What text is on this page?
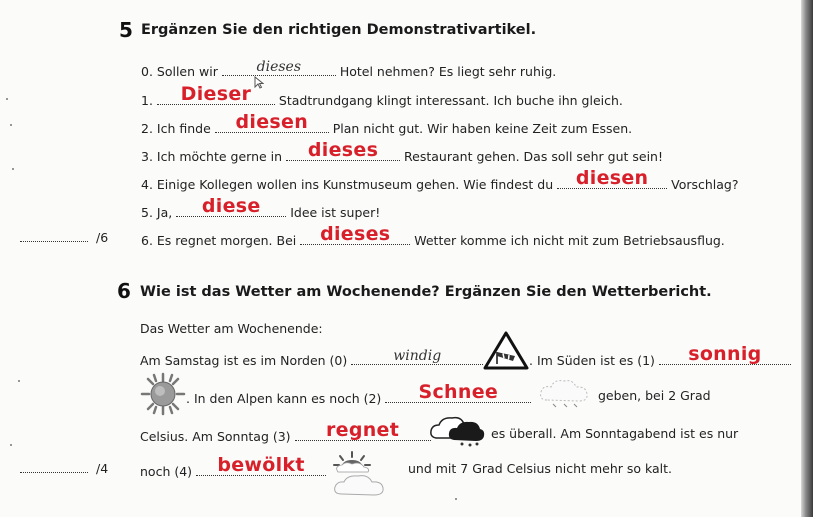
5 Ergänzen Sie den richtigen Demonstrativartikel.
0. Sollen wir	dieses	Hotel nehmen? Es liegt sehr ruhig.
1. Dieser Stadtrundgang klingt interessant. Ich buche ihn gleich.
2. Ich finde diesen Plan nicht gut. Wir haben keine Zeit zum Essen.
3. Ich möchte gerne in dieses Restaurant gehen. Das soll sehr gut sein!
4. Einige Kollegen wollen ins Kunstmuseum gehen. Wie findest du diesen Vorschlag?
5. Ja, diese Idee ist super!
6. Es regnet morgen. Bei dieses Wetter komme ich nicht mit zum Betriebsausflug.
/6
6 Wie ist das Wetter am Wochenende? Ergänzen Sie den Wetterbericht.
Das Wetter am Wochenende:
Am Samstag ist es im Norden (0)	windig	. Im Süden ist es (1) sonnig
. In den Alpen kann es noch (2) Schnee	geben, bei 2 Grad
Celsius. Am Sonntag (3) regnet	es überall. Am Sonntagabend ist es nur
noch (4) bewölkt	und mit 7 Grad Celsius nicht mehr so kalt.
/4
